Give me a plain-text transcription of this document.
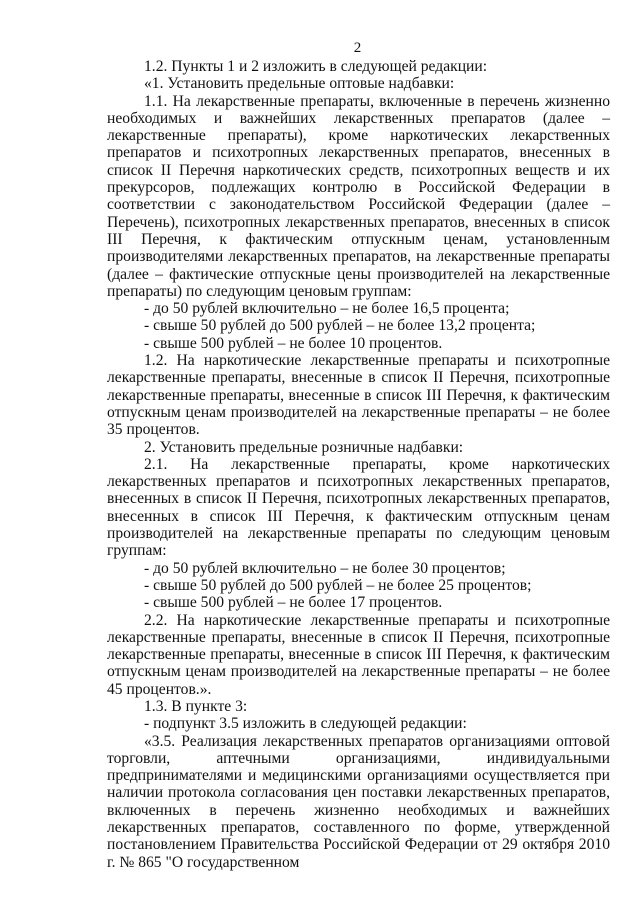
2

1.2. Пункты 1 и 2 изложить в следующей редакции:

«1. Установить предельные оптовые надбавки:

1.1. На лекарственные препараты, включенные в перечень жизненно необходимых и важнейших лекарственных препаратов (далее – лекарственные препараты), кроме наркотических лекарственных препаратов и психотропных лекарственных препаратов, внесенных в список II Перечня наркотических средств, психотропных веществ и их прекурсоров, подлежащих контролю в Российской Федерации в соответствии с законодательством Российской Федерации (далее – Перечень), психотропных лекарственных препаратов, внесенных в список III Перечня, к фактическим отпускным ценам, установленным производителями лекарственных препаратов, на лекарственные препараты (далее – фактические отпускные цены производителей на лекарственные препараты) по следующим ценовым группам:

- до 50 рублей включительно – не более 16,5 процента;

- свыше 50 рублей до 500 рублей – не более 13,2 процента;

- свыше 500 рублей – не более 10 процентов.

1.2. На наркотические лекарственные препараты и психотропные лекарственные препараты, внесенные в список II Перечня, психотропные лекарственные препараты, внесенные в список III Перечня, к фактическим отпускным ценам производителей на лекарственные препараты – не более 35 процентов.

2. Установить предельные розничные надбавки:

2.1. На лекарственные препараты, кроме наркотических лекарственных препаратов и психотропных лекарственных препаратов, внесенных в список II Перечня, психотропных лекарственных препаратов, внесенных в список III Перечня, к фактическим отпускным ценам производителей на лекарственные препараты по следующим ценовым группам:

- до 50 рублей включительно – не более 30 процентов;

- свыше 50 рублей до 500 рублей – не более 25 процентов;

- свыше 500 рублей – не более 17 процентов.

2.2. На наркотические лекарственные препараты и психотропные лекарственные препараты, внесенные в список II Перечня, психотропные лекарственные препараты, внесенные в список III Перечня, к фактическим отпускным ценам производителей на лекарственные препараты – не более 45 процентов.».

1.3. В пункте 3:

- подпункт 3.5 изложить в следующей редакции:

«3.5. Реализация лекарственных препаратов организациями оптовой торговли, аптечными организациями, индивидуальными предпринимателями и медицинскими организациями осуществляется при наличии протокола согласования цен поставки лекарственных препаратов, включенных в перечень жизненно необходимых и важнейших лекарственных препаратов, составленного по форме, утвержденной постановлением Правительства Российской Федерации от 29 октября 2010 г. № 865 "О государственном
